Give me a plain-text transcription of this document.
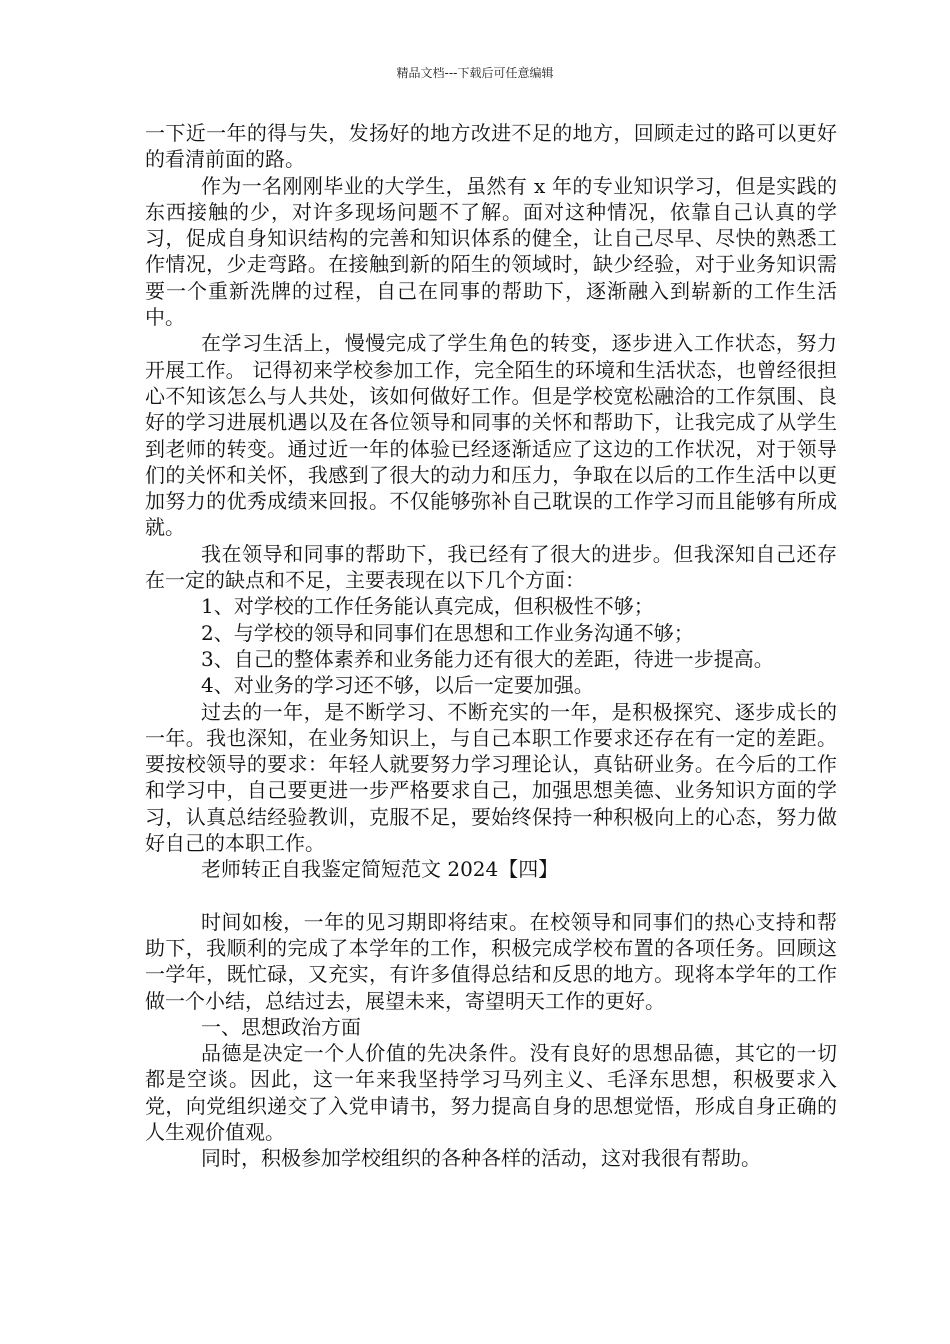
精品文档---下载后可任意编辑

一下近一年的得与失，发扬好的地方改进不足的地方，回顾走过的路可以更好的看清前面的路。

作为一名刚刚毕业的大学生，虽然有 x 年的专业知识学习，但是实践的东西接触的少，对许多现场问题不了解。面对这种情况，依靠自己认真的学习，促成自身知识结构的完善和知识体系的健全，让自己尽早、尽快的熟悉工作情况，少走弯路。在接触到新的陌生的领域时，缺少经验，对于业务知识需要一个重新洗牌的过程，自己在同事的帮助下，逐渐融入到崭新的工作生活中。

在学习生活上，慢慢完成了学生角色的转变，逐步进入工作状态，努力开展工作。 记得初来学校参加工作，完全陌生的环境和生活状态，也曾经很担心不知该怎么与人共处，该如何做好工作。但是学校宽松融洽的工作氛围、良好的学习进展机遇以及在各位领导和同事的关怀和帮助下，让我完成了从学生到老师的转变。通过近一年的体验已经逐渐适应了这边的工作状况，对于领导们的关怀和关怀，我感到了很大的动力和压力，争取在以后的工作生活中以更加努力的优秀成绩来回报。不仅能够弥补自己耽误的工作学习而且能够有所成就。

我在领导和同事的帮助下，我已经有了很大的进步。但我深知自己还存在一定的缺点和不足，主要表现在以下几个方面：

1、对学校的工作任务能认真完成，但积极性不够；

2、与学校的领导和同事们在思想和工作业务沟通不够；

3、自己的整体素养和业务能力还有很大的差距，待进一步提高。

4、对业务的学习还不够，以后一定要加强。

过去的一年，是不断学习、不断充实的一年，是积极探究、逐步成长的一年。我也深知，在业务知识上，与自己本职工作要求还存在有一定的差距。要按校领导的要求：年轻人就要努力学习理论认，真钻研业务。在今后的工作和学习中，自己要更进一步严格要求自己，加强思想美德、业务知识方面的学习，认真总结经验教训，克服不足，要始终保持一种积极向上的心态，努力做好自己的本职工作。

老师转正自我鉴定简短范文 2024【四】

时间如梭，一年的见习期即将结束。在校领导和同事们的热心支持和帮助下，我顺利的完成了本学年的工作，积极完成学校布置的各项任务。回顾这一学年，既忙碌，又充实，有许多值得总结和反思的地方。现将本学年的工作做一个小结，总结过去，展望未来，寄望明天工作的更好。

一、思想政治方面

品德是决定一个人价值的先决条件。没有良好的思想品德，其它的一切都是空谈。因此，这一年来我坚持学习马列主义、毛泽东思想，积极要求入党，向党组织递交了入党申请书，努力提高自身的思想觉悟，形成自身正确的人生观价值观。

同时，积极参加学校组织的各种各样的活动，这对我很有帮助。
